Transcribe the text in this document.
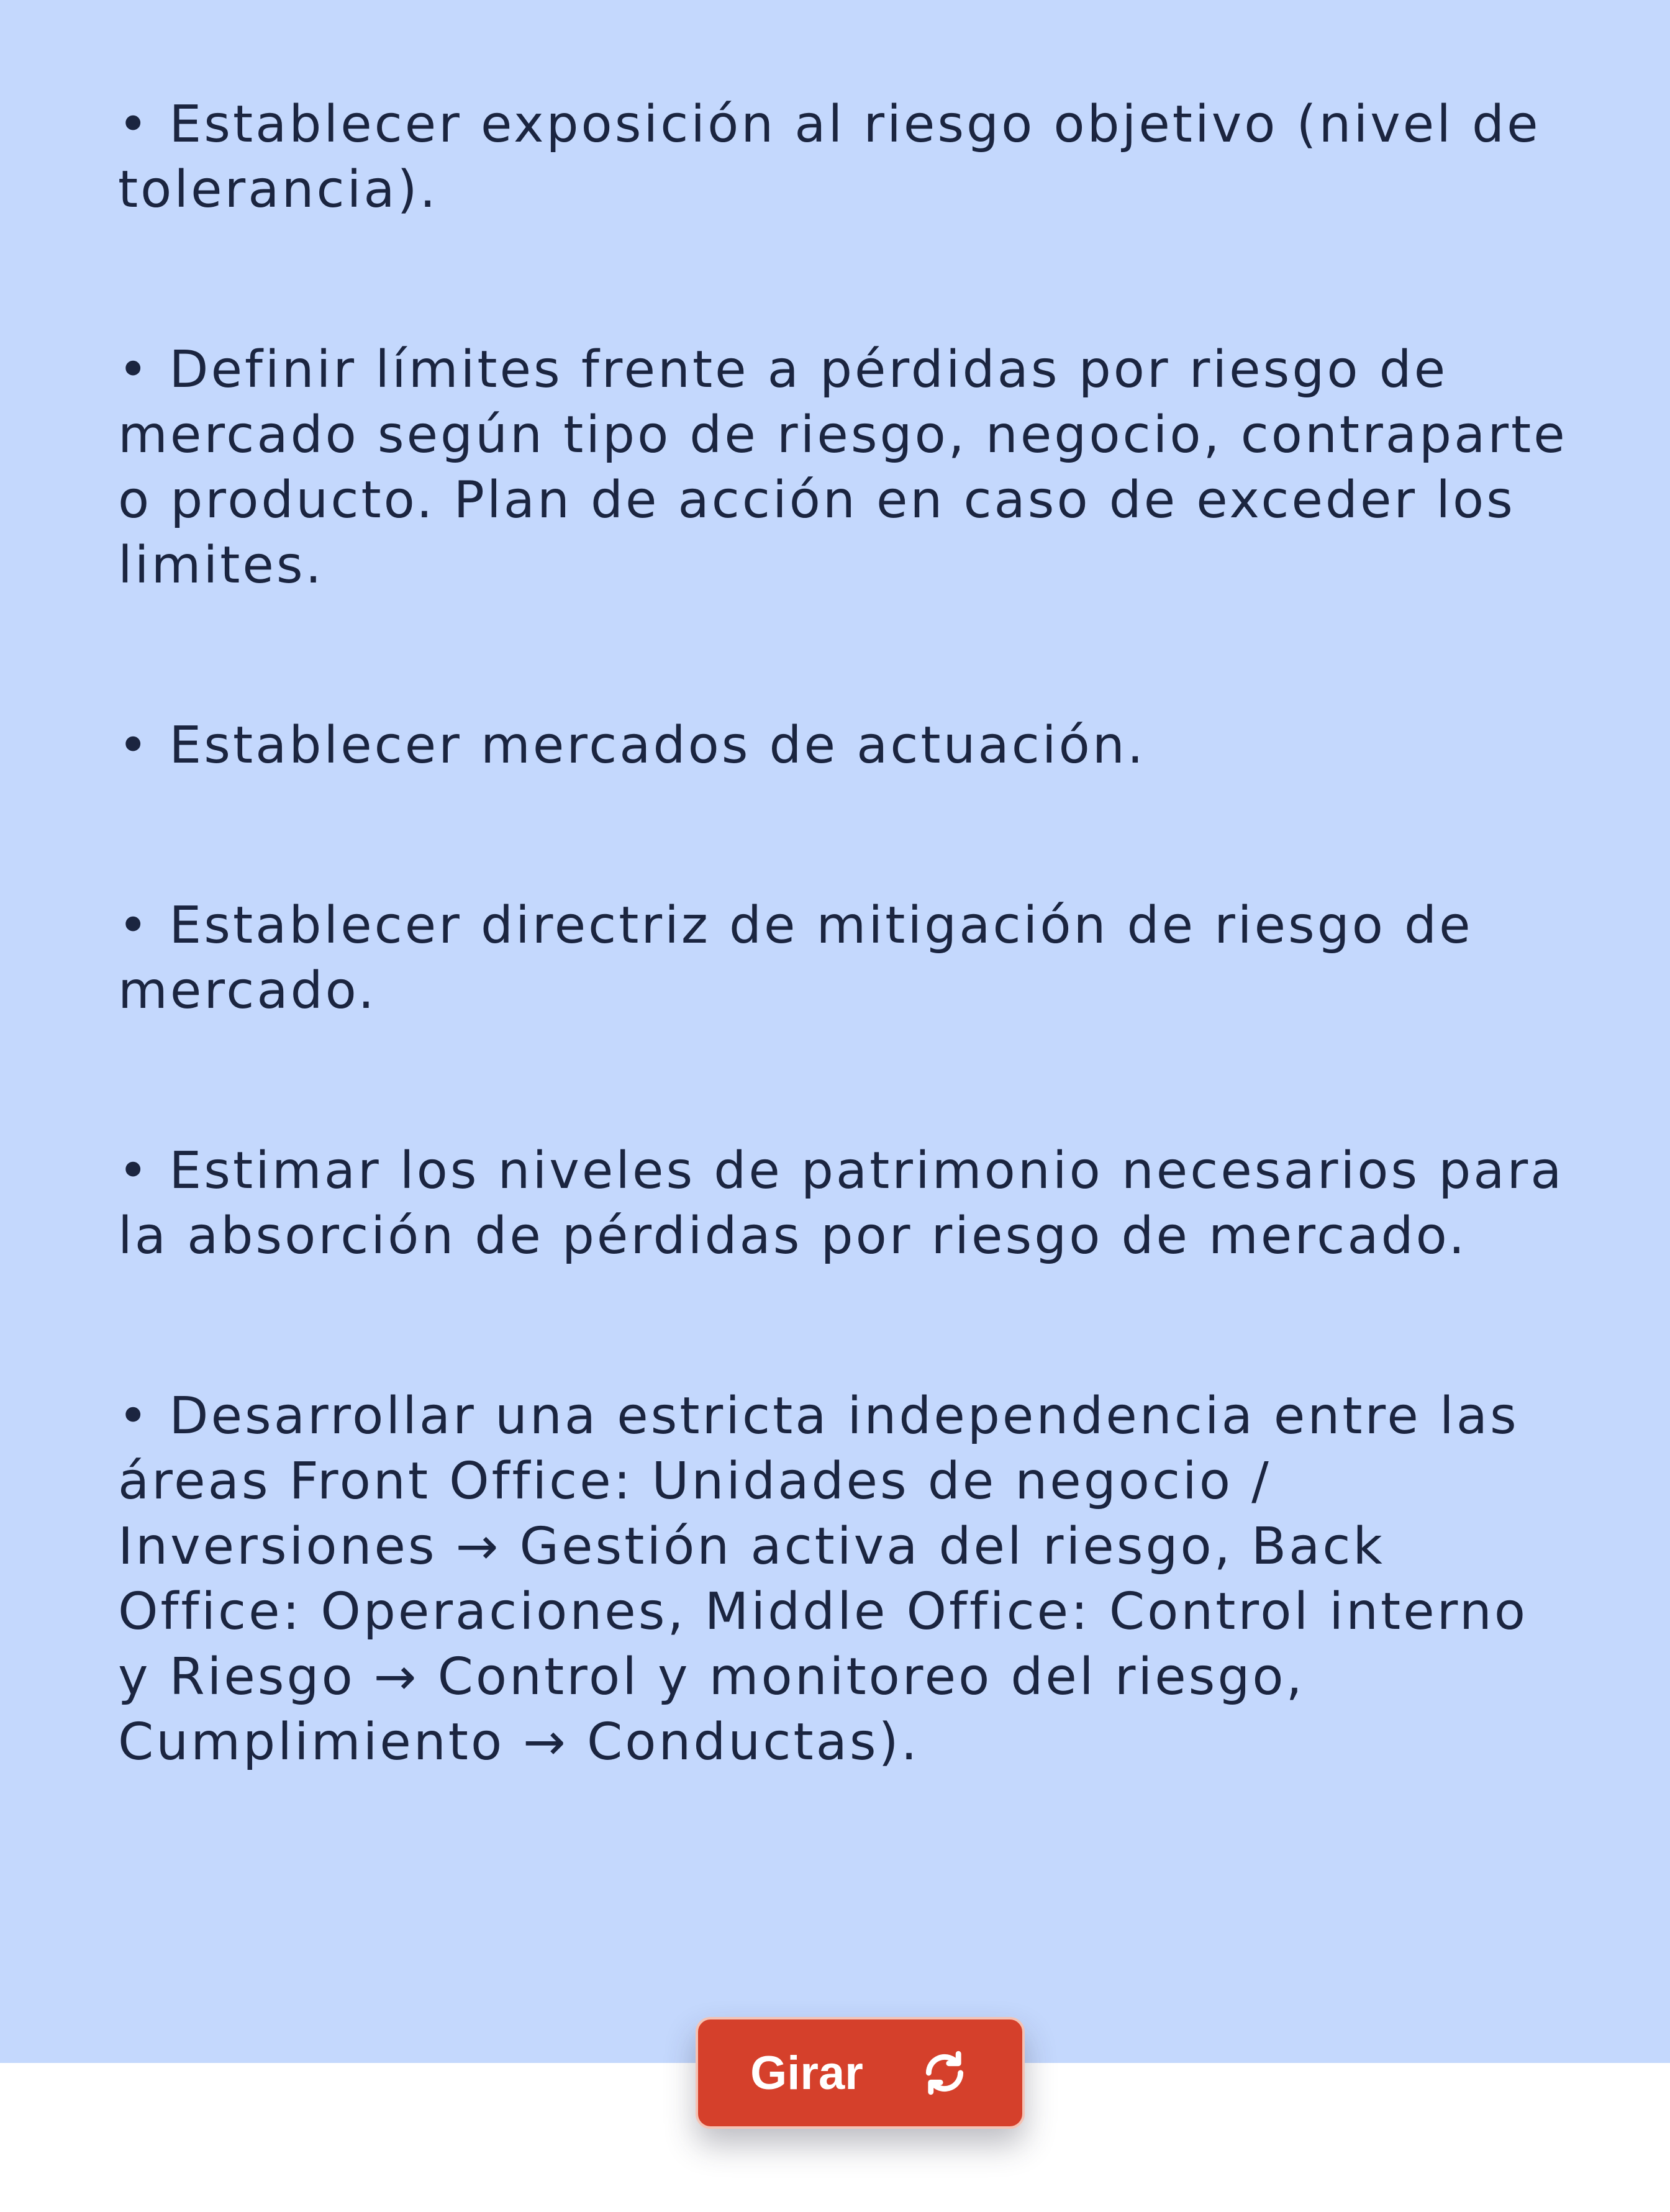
• Establecer exposición al riesgo objetivo (nivel de tolerancia).
• Definir límites frente a pérdidas por riesgo de mercado según tipo de riesgo, negocio, contraparte o producto. Plan de acción en caso de exceder los limites.
• Establecer mercados de actuación.
• Establecer directriz de mitigación de riesgo de mercado.
• Estimar los niveles de patrimonio necesarios para la absorción de pérdidas por riesgo de mercado.
• Desarrollar una estricta independencia entre las áreas Front Office: Unidades de negocio / Inversiones → Gestión activa del riesgo, Back Office: Operaciones, Middle Office: Control interno y Riesgo → Control y monitoreo del riesgo, Cumplimiento → Conductas).
Girar
